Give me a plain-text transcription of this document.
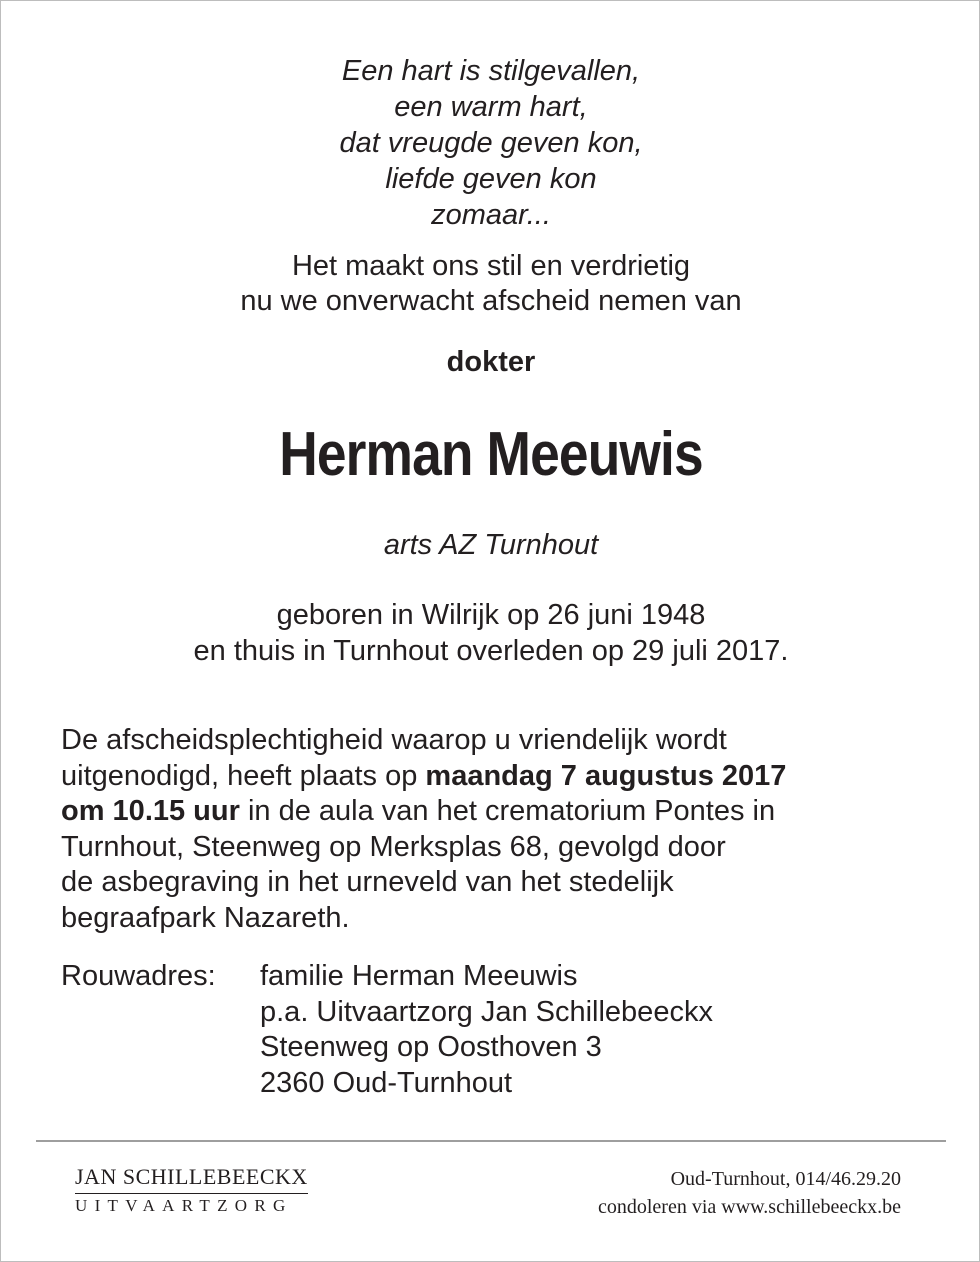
Een hart is stilgevallen,
een warm hart,
dat vreugde geven kon,
liefde geven kon
zomaar...
Het maakt ons stil en verdrietig
nu we onverwacht afscheid nemen van
dokter
Herman Meeuwis
arts AZ Turnhout
geboren in Wilrijk op 26 juni 1948
en thuis in Turnhout overleden op 29 juli 2017.
De afscheidsplechtigheid waarop u vriendelijk wordt
uitgenodigd, heeft plaats op maandag 7 augustus 2017
om 10.15 uur in de aula van het crematorium Pontes in
Turnhout, Steenweg op Merksplas 68, gevolgd door
de asbegraving in het urneveld van het stedelijk
begraafpark Nazareth.
Rouwadres: familie Herman Meeuwis
p.a. Uitvaartzorg Jan Schillebeeckx
Steenweg op Oosthoven 3
2360 Oud-Turnhout
JAN SCHILLEBEECKX
UITVAARTZORG
Oud-Turnhout, 014/46.29.20
condoleren via www.schillebeeckx.be
